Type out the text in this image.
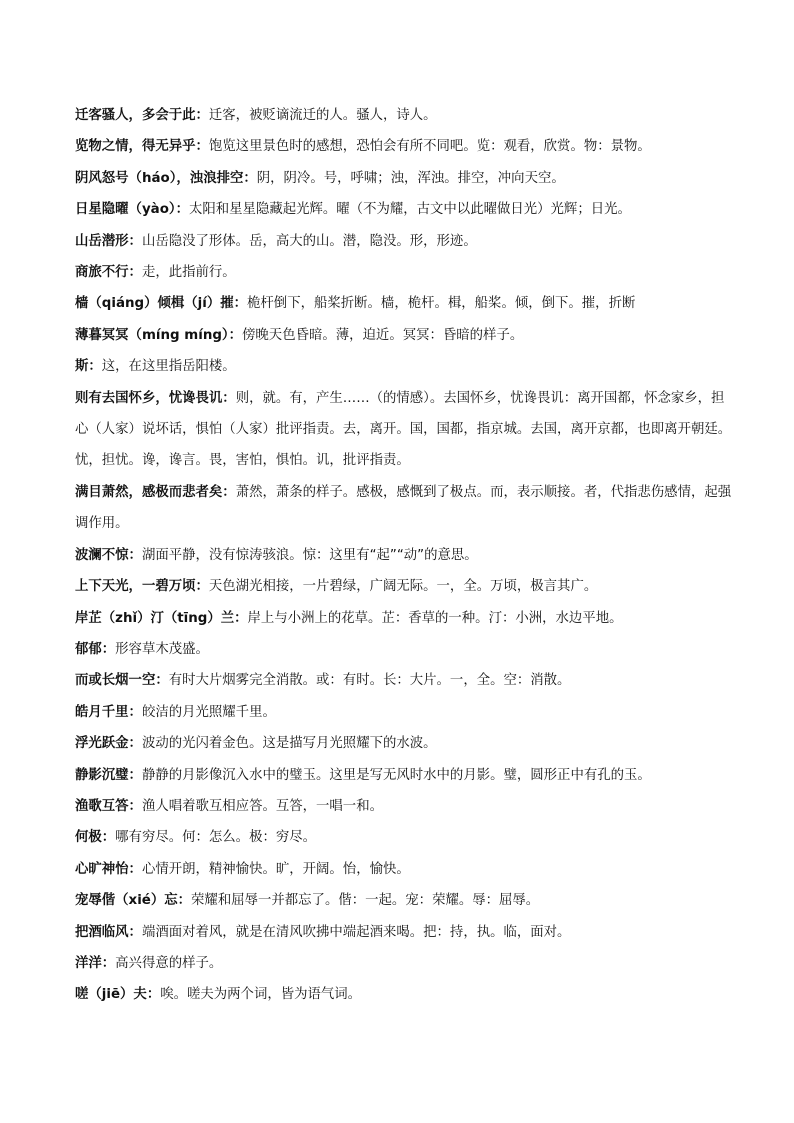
迁客骚人，多会于此：迁客，被贬谪流迁的人。骚人，诗人。

览物之情，得无异乎：饱览这里景色时的感想，恐怕会有所不同吧。览：观看，欣赏。物：景物。

阴风怒号（háo），浊浪排空：阴，阴冷。号，呼啸；浊，浑浊。排空，冲向天空。

日星隐曜（yào）：太阳和星星隐藏起光辉。曜（不为耀，古文中以此曜做日光）光辉；日光。

山岳潜形：山岳隐没了形体。岳，高大的山。潜，隐没。形，形迹。

商旅不行：走，此指前行。

樯（qiáng）倾楫（jí）摧：桅杆倒下，船桨折断。樯，桅杆。楫，船桨。倾，倒下。摧，折断

薄暮冥冥（míng míng）：傍晚天色昏暗。薄，迫近。冥冥：昏暗的样子。

斯：这，在这里指岳阳楼。

则有去国怀乡，忧谗畏讥：则，就。有，产生……（的情感）。去国怀乡，忧谗畏讥：离开国都，怀念家乡，担心（人家）说坏话，惧怕（人家）批评指责。去，离开。国，国都，指京城。去国，离开京都，也即离开朝廷。忧，担忧。谗，谗言。畏，害怕，惧怕。讥，批评指责。

满目萧然，感极而悲者矣：萧然，萧条的样子。感极，感慨到了极点。而，表示顺接。者，代指悲伤感情，起强调作用。

波澜不惊：湖面平静，没有惊涛骇浪。惊：这里有“起”“动”的意思。

上下天光，一碧万顷：天色湖光相接，一片碧绿，广阔无际。一，全。万顷，极言其广。

岸芷（zhǐ）汀（tīng）兰：岸上与小洲上的花草。芷：香草的一种。汀：小洲，水边平地。

郁郁：形容草木茂盛。

而或长烟一空：有时大片烟雾完全消散。或：有时。长：大片。一，全。空：消散。

皓月千里：皎洁的月光照耀千里。

浮光跃金：波动的光闪着金色。这是描写月光照耀下的水波。

静影沉璧：静静的月影像沉入水中的璧玉。这里是写无风时水中的月影。璧，圆形正中有孔的玉。

渔歌互答：渔人唱着歌互相应答。互答，一唱一和。

何极：哪有穷尽。何：怎么。极：穷尽。

心旷神怡：心情开朗，精神愉快。旷，开阔。怡，愉快。

宠辱偕（xié）忘：荣耀和屈辱一并都忘了。偕：一起。宠：荣耀。辱：屈辱。

把酒临风：端酒面对着风，就是在清风吹拂中端起酒来喝。把：持，执。临，面对。

洋洋：高兴得意的样子。

嗟（jiē）夫：唉。嗟夫为两个词，皆为语气词。
